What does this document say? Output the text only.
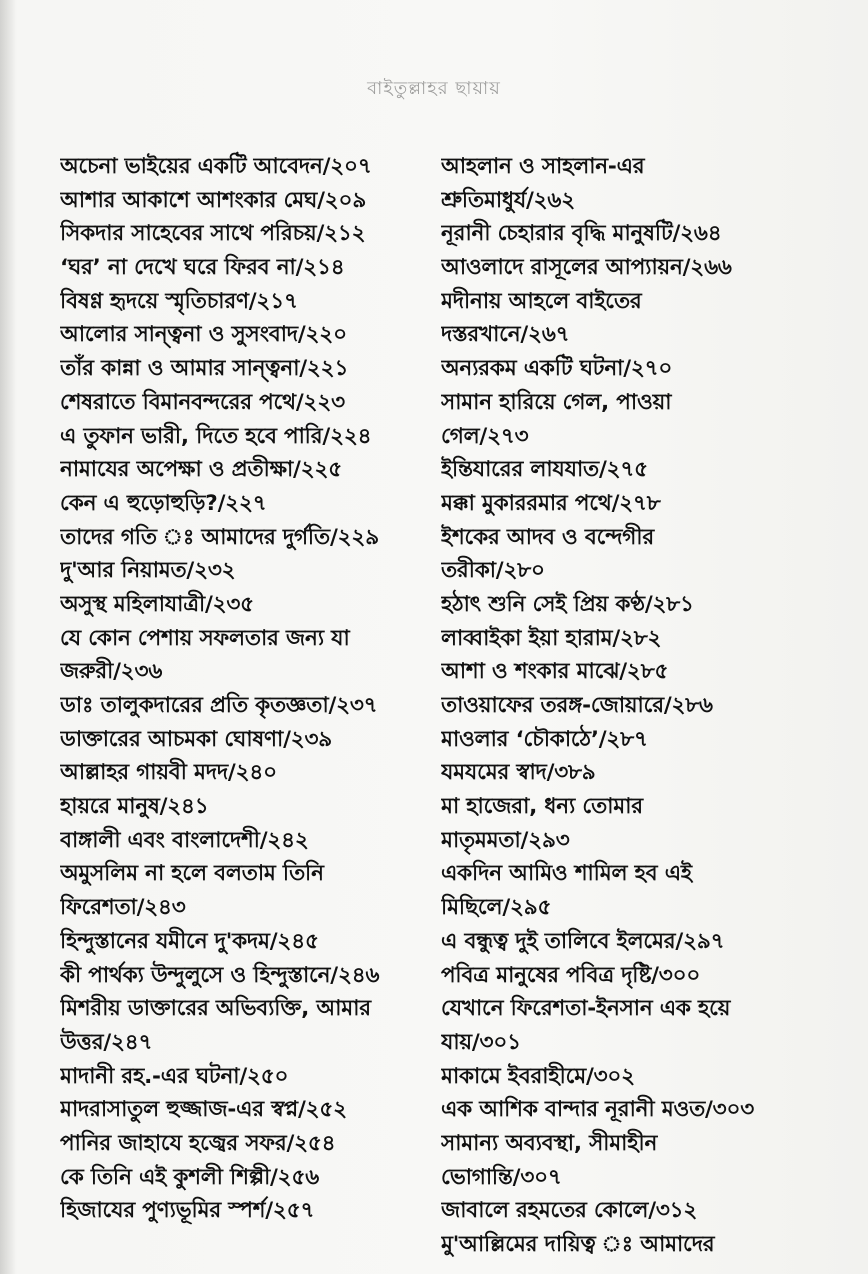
বাইতুল্লাহর ছায়ায়
অচেনা ভাইয়ের একটি আবেদন/২০৭
আশার আকাশে আশংকার মেঘ/২০৯
সিকদার সাহেবের সাথে পরিচয়/২১২
‘ঘর’ না দেখে ঘরে ফিরব না/২১৪
বিষণ্ণ হৃদয়ে স্মৃতিচারণ/২১৭
আলোর সান্ত্বনা ও সুসংবাদ/২২০
তাঁর কান্না ও আমার সান্ত্বনা/২২১
শেষরাতে বিমানবন্দরের পথে/২২৩
এ তুফান ভারী, দিতে হবে পারি/২২৪
নামাযের অপেক্ষা ও প্রতীক্ষা/২২৫
কেন এ হুড়োহুড়ি?/২২৭
তাদের গতি ঃ আমাদের দুর্গতি/২২৯
দু'আর নিয়ামত/২৩২
অসুস্থ মহিলাযাত্রী/২৩৫
যে কোন পেশায় সফলতার জন্য যা
জরুরী/২৩৬
ডাঃ তালুকদারের প্রতি কৃতজ্ঞতা/২৩৭
ডাক্তারের আচমকা ঘোষণা/২৩৯
আল্লাহর গায়বী মদদ/২৪০
হায়রে মানুষ/২৪১
বাঙ্গালী এবং বাংলাদেশী/২৪২
অমুসলিম না হলে বলতাম তিনি
ফিরেশতা/২৪৩
হিন্দুস্তানের যমীনে দু'কদম/২৪৫
কী পার্থক্য উন্দুলুসে ও হিন্দুস্তানে/২৪৬
মিশরীয় ডাক্তারের অভিব্যক্তি, আমার
উত্তর/২৪৭
মাদানী রহ.-এর ঘটনা/২৫০
মাদরাসাতুল হুজ্জাজ-এর স্বপ্ন/২৫২
পানির জাহাযে হজ্বের সফর/২৫৪
কে তিনি এই কুশলী শিল্পী/২৫৬
হিজাযের পুণ্যভূমির স্পর্শ/২৫৭
আহলান ও সাহলান-এর
শ্রুতিমাধুর্য/২৬২
নূরানী চেহারার বৃদ্ধি মানুষটি/২৬৪
আওলাদে রাসূলের আপ্যায়ন/২৬৬
মদীনায় আহলে বাইতের
দস্তরখানে/২৬৭
অন্যরকম একটি ঘটনা/২৭০
সামান হারিয়ে গেল, পাওয়া
গেল/২৭৩
ইন্তিযারের লাযযাত/২৭৫
মক্কা মুকাররমার পথে/২৭৮
ইশকের আদব ও বন্দেগীর
তরীকা/২৮০
হঠাৎ শুনি সেই প্রিয় কণ্ঠ/২৮১
লাব্বাইকা ইয়া হারাম/২৮২
আশা ও শংকার মাঝে/২৮৫
তাওয়াফের তরঙ্গ-জোয়ারে/২৮৬
মাওলার ‘চৌকাঠে’/২৮৭
যমযমের স্বাদ/৩৮৯
মা হাজেরা, ধন্য তোমার
মাতৃমমতা/২৯৩
একদিন আমিও শামিল হব এই
মিছিলে/২৯৫
এ বন্ধুত্ব দুই তালিবে ইলমের/২৯৭
পবিত্র মানুষের পবিত্র দৃষ্টি/৩০০
যেখানে ফিরেশতা-ইনসান এক হয়ে
যায়/৩০১
মাকামে ইবরাহীমে/৩০২
এক আশিক বান্দার নূরানী মওত/৩০৩
সামান্য অব্যবস্থা, সীমাহীন
ভোগান্তি/৩০৭
জাবালে রহমতের কোলে/৩১২
মু'আল্লিমের দায়িত্ব ঃ আমাদের
